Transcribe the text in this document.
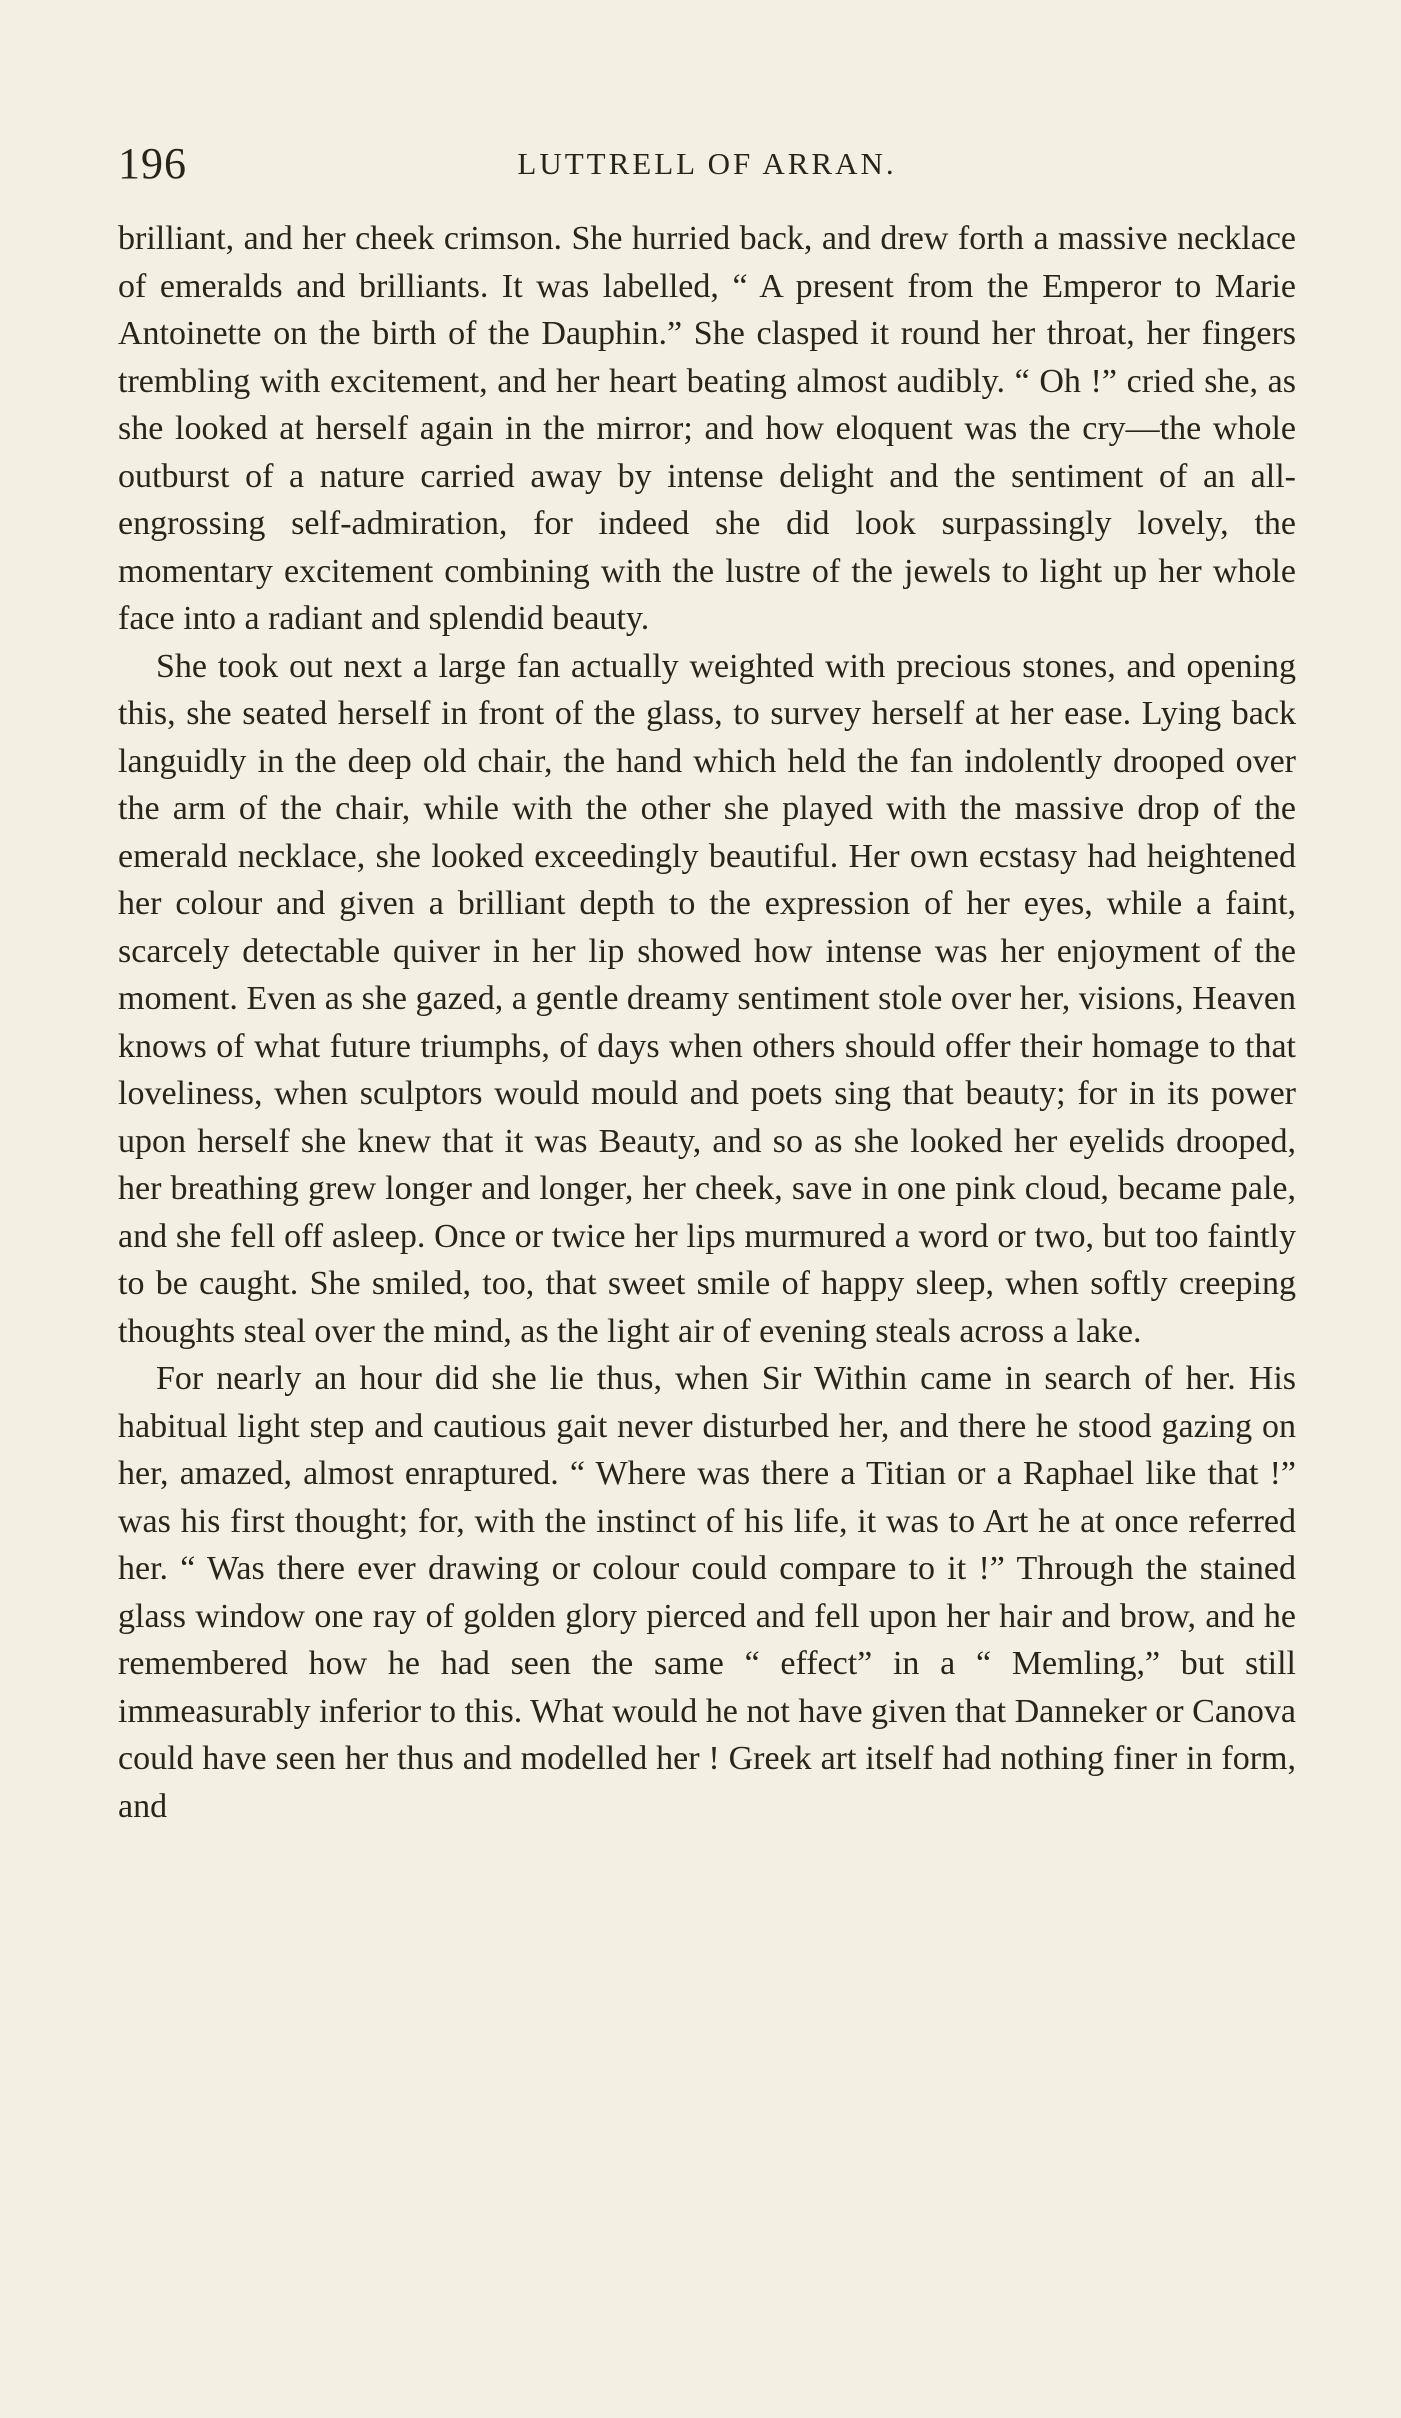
196	LUTTRELL OF ARRAN.

brilliant, and her cheek crimson. She hurried back, and drew forth a massive necklace of emeralds and brilliants. It was labelled, “ A present from the Emperor to Marie Antoinette on the birth of the Dauphin.” She clasped it round her throat, her fingers trembling with excitement, and her heart beating almost audibly. “ Oh !” cried she, as she looked at herself again in the mirror; and how eloquent was the cry—the whole outburst of a nature carried away by intense delight and the sentiment of an all-engrossing self-admiration, for indeed she did look surpassingly lovely, the momentary excitement combining with the lustre of the jewels to light up her whole face into a radiant and splendid beauty.

She took out next a large fan actually weighted with precious stones, and opening this, she seated herself in front of the glass, to survey herself at her ease. Lying back languidly in the deep old chair, the hand which held the fan indolently drooped over the arm of the chair, while with the other she played with the massive drop of the emerald necklace, she looked exceedingly beautiful. Her own ecstasy had heightened her colour and given a brilliant depth to the expression of her eyes, while a faint, scarcely detectable quiver in her lip showed how intense was her enjoyment of the moment. Even as she gazed, a gentle dreamy sentiment stole over her, visions, Heaven knows of what future triumphs, of days when others should offer their homage to that loveliness, when sculptors would mould and poets sing that beauty; for in its power upon herself she knew that it was Beauty, and so as she looked her eyelids drooped, her breathing grew longer and longer, her cheek, save in one pink cloud, became pale, and she fell off asleep. Once or twice her lips murmured a word or two, but too faintly to be caught. She smiled, too, that sweet smile of happy sleep, when softly creeping thoughts steal over the mind, as the light air of evening steals across a lake.

For nearly an hour did she lie thus, when Sir Within came in search of her. His habitual light step and cautious gait never disturbed her, and there he stood gazing on her, amazed, almost enraptured. “ Where was there a Titian or a Raphael like that !” was his first thought; for, with the instinct of his life, it was to Art he at once referred her. “ Was there ever drawing or colour could compare to it !” Through the stained glass window one ray of golden glory pierced and fell upon her hair and brow, and he remembered how he had seen the same “ effect” in a “ Memling,” but still immeasurably inferior to this. What would he not have given that Danneker or Canova could have seen her thus and modelled her ! Greek art itself had nothing finer in form, and
